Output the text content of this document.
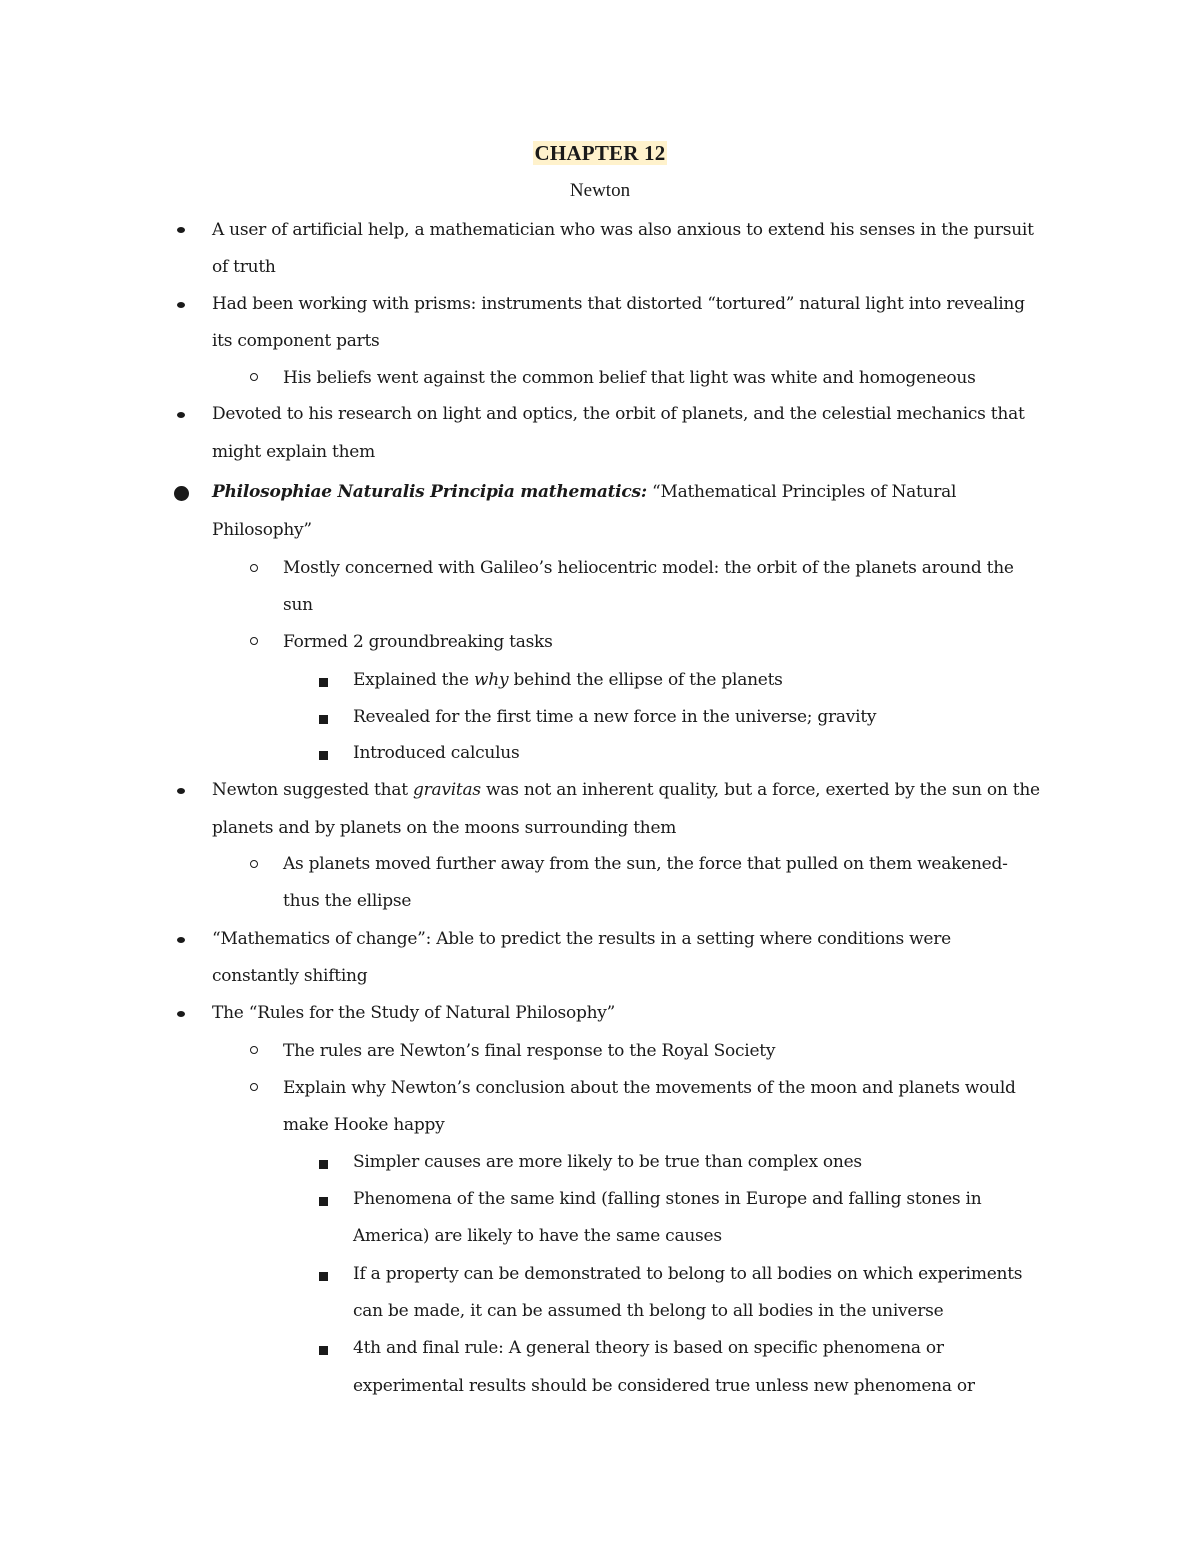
CHAPTER 12
Newton
A user of artificial help, a mathematician who was also anxious to extend his senses in the pursuit
of truth
Had been working with prisms: instruments that distorted “tortured” natural light into revealing
its component parts
His beliefs went against the common belief that light was white and homogeneous
Devoted to his research on light and optics, the orbit of planets, and the celestial mechanics that
might explain them
Philosophiae Naturalis Principia mathematics: “Mathematical Principles of Natural
Philosophy”
Mostly concerned with Galileo’s heliocentric model: the orbit of the planets around the
sun
Formed 2 groundbreaking tasks
Explained the why behind the ellipse of the planets
Revealed for the first time a new force in the universe; gravity
Introduced calculus
Newton suggested that gravitas was not an inherent quality, but a force, exerted by the sun on the
planets and by planets on the moons surrounding them
As planets moved further away from the sun, the force that pulled on them weakened-
thus the ellipse
“Mathematics of change”: Able to predict the results in a setting where conditions were
constantly shifting
The “Rules for the Study of Natural Philosophy”
The rules are Newton’s final response to the Royal Society
Explain why Newton’s conclusion about the movements of the moon and planets would
make Hooke happy
Simpler causes are more likely to be true than complex ones
Phenomena of the same kind (falling stones in Europe and falling stones in
America) are likely to have the same causes
If a property can be demonstrated to belong to all bodies on which experiments
can be made, it can be assumed th belong to all bodies in the universe
4th and final rule: A general theory is based on specific phenomena or
experimental results should be considered true unless new phenomena or
